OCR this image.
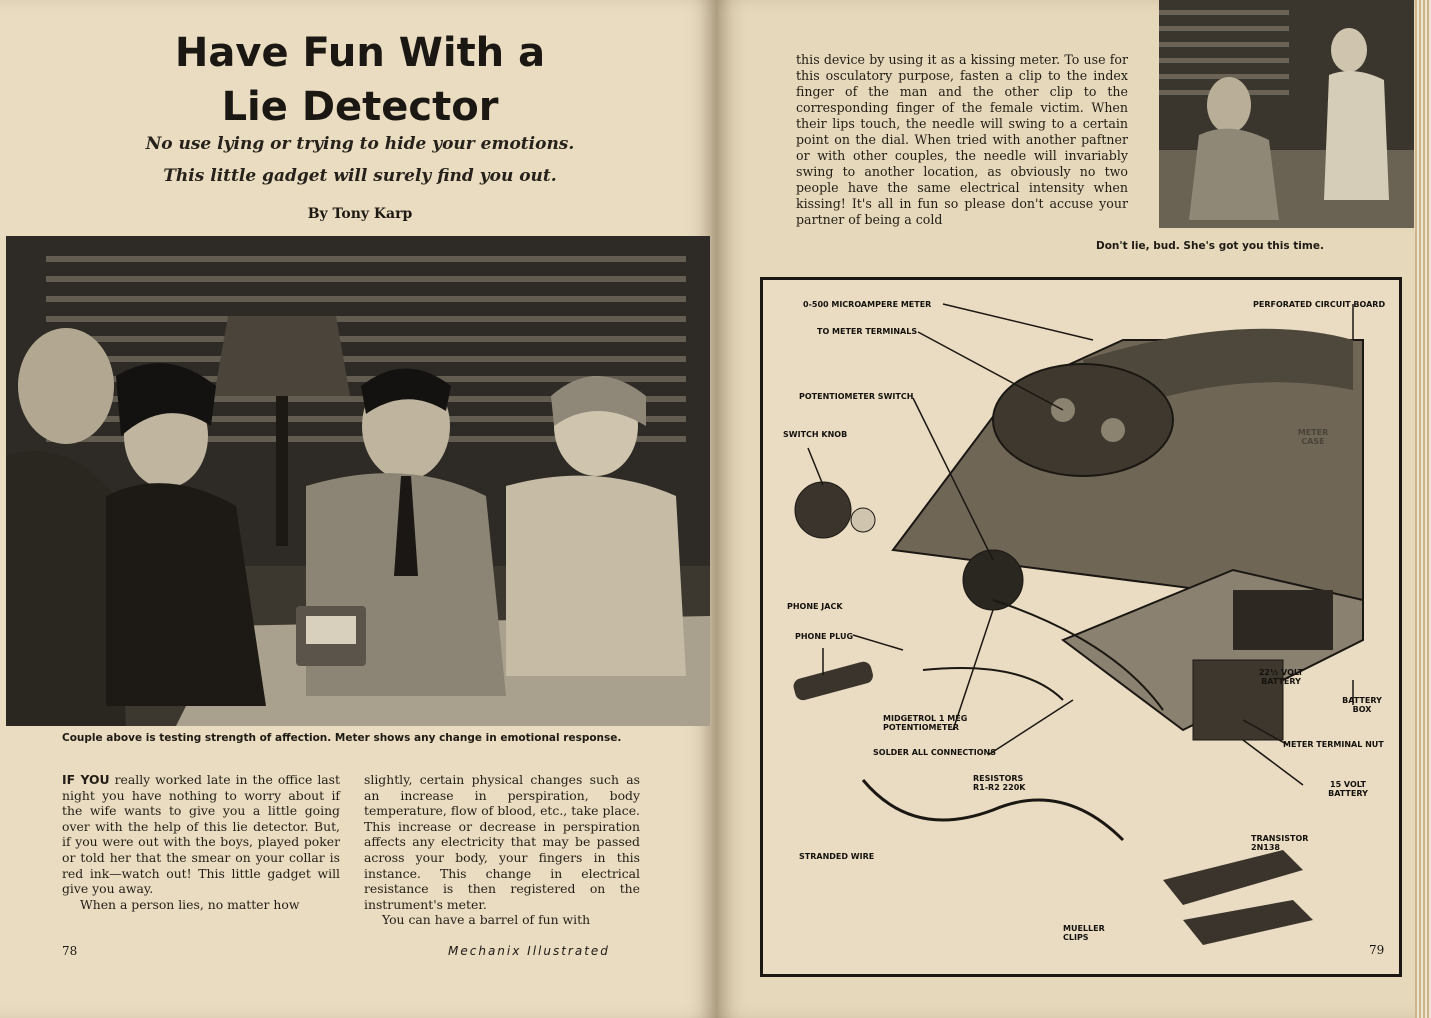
Have Fun With a
Lie Detector
No use lying or trying to hide your emotions.
This little gadget will surely find you out.
By Tony Karp
Couple above is testing strength of affection. Meter shows any change in emotional response.

IF YOU really worked late in the office last night you have nothing to worry about if the wife wants to give you a little going over with the help of this lie detector. But, if you were out with the boys, played poker or told her that the smear on your collar is red ink—watch out! This little gadget will give you away.

When a person lies, no matter how

slightly, certain physical changes such as an increase in perspiration, body temperature, flow of blood, etc., take place. This increase or decrease in perspiration affects any electricity that may be passed across your body, your fingers in this instance. This change in electrical resistance is then registered on the instrument's meter.

You can have a barrel of fun with

78	Mechanix Illustrated
this device by using it as a kissing meter. To use for this osculatory purpose, fasten a clip to the index finger of the man and the other clip to the corresponding finger of the female victim. When their lips touch, the needle will swing to a certain point on the dial. When tried with another paftner or with other couples, the needle will invariably swing to another location, as obviously no two people have the same electrical intensity when kissing! It's all in fun so please don't accuse your partner of being a cold
Don't lie, bud. She's got you this time.
0-500 MICROAMPERE METER	PERFORATED CIRCUIT BOARD
TO METER TERMINALS
POTENTIOMETER SWITCH
METER CASE
SWITCH KNOB
PHONE JACK
PHONE PLUG
22½ VOLT BATTERY
BATTERY BOX
MIDGETROL 1 MEG POTENTIOMETER
SOLDER ALL CONNECTIONS
METER TERMINAL NUT
RESISTORS R1-R2 220K	15 VOLT BATTERY
TRANSISTOR 2N138
STRANDED WIRE
MUELLER CLIPS
79
